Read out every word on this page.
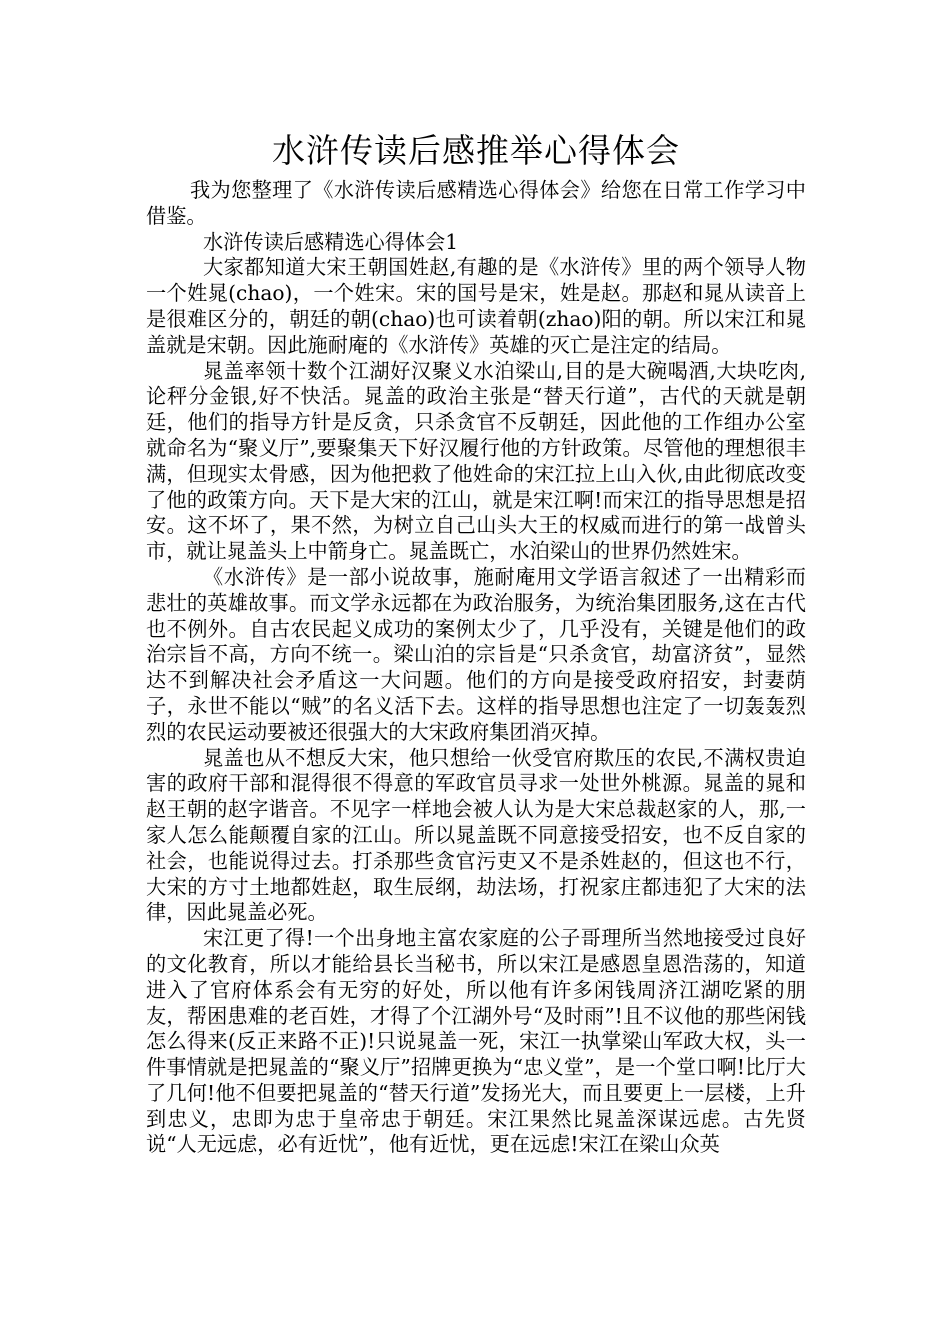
水浒传读后感推举心得体会

我为您整理了《水浒传读后感精选心得体会》给您在日常工作学习中借鉴。

水浒传读后感精选心得体会1

大家都知道大宋王朝国姓赵,有趣的是《水浒传》里的两个领导人物一个姓晁(chao)，一个姓宋。宋的国号是宋，姓是赵。那赵和晁从读音上是很难区分的，朝廷的朝(chao)也可读着朝(zhao)阳的朝。所以宋江和晁盖就是宋朝。因此施耐庵的《水浒传》英雄的灭亡是注定的结局。

晁盖率领十数个江湖好汉聚义水泊梁山,目的是大碗喝酒,大块吃肉,论秤分金银,好不快活。晁盖的政治主张是“替天行道”，古代的天就是朝廷，他们的指导方针是反贪，只杀贪官不反朝廷，因此他的工作组办公室就命名为“聚义厅”,要聚集天下好汉履行他的方针政策。尽管他的理想很丰满，但现实太骨感，因为他把救了他姓命的宋江拉上山入伙,由此彻底改变了他的政策方向。天下是大宋的江山，就是宋江啊!而宋江的指导思想是招安。这不坏了，果不然，为树立自己山头大王的权威而进行的第一战曾头市，就让晁盖头上中箭身亡。晁盖既亡，水泊梁山的世界仍然姓宋。

《水浒传》是一部小说故事，施耐庵用文学语言叙述了一出精彩而悲壮的英雄故事。而文学永远都在为政治服务，为统治集团服务,这在古代也不例外。自古农民起义成功的案例太少了，几乎没有，关键是他们的政治宗旨不高，方向不统一。梁山泊的宗旨是“只杀贪官，劫富济贫”，显然达不到解决社会矛盾这一大问题。他们的方向是接受政府招安，封妻荫子，永世不能以“贼”的名义活下去。这样的指导思想也注定了一切轰轰烈烈的农民运动要被还很强大的大宋政府集团消灭掉。

晁盖也从不想反大宋，他只想给一伙受官府欺压的农民,不满权贵迫害的政府干部和混得很不得意的军政官员寻求一处世外桃源。晁盖的晁和赵王朝的赵字谐音。不见字一样地会被人认为是大宋总裁赵家的人，那,一家人怎么能颠覆自家的江山。所以晁盖既不同意接受招安，也不反自家的社会，也能说得过去。打杀那些贪官污吏又不是杀姓赵的，但这也不行，大宋的方寸土地都姓赵，取生辰纲，劫法场，打祝家庄都违犯了大宋的法律，因此晁盖必死。

宋江更了得!一个出身地主富农家庭的公子哥理所当然地接受过良好的文化教育，所以才能给县长当秘书，所以宋江是感恩皇恩浩荡的，知道进入了官府体系会有无穷的好处，所以他有许多闲钱周济江湖吃紧的朋友，帮困患难的老百姓，才得了个江湖外号“及时雨”!且不议他的那些闲钱怎么得来(反正来路不正)!只说晁盖一死，宋江一执掌梁山军政大权，头一件事情就是把晁盖的“聚义厅”招牌更换为“忠义堂”，是一个堂口啊!比厅大了几何!他不但要把晁盖的“替天行道”发扬光大，而且要更上一层楼，上升到忠义，忠即为忠于皇帝忠于朝廷。宋江果然比晁盖深谋远虑。古先贤说“人无远虑，必有近忧”，他有近忧，更在远虑!宋江在梁山众英
